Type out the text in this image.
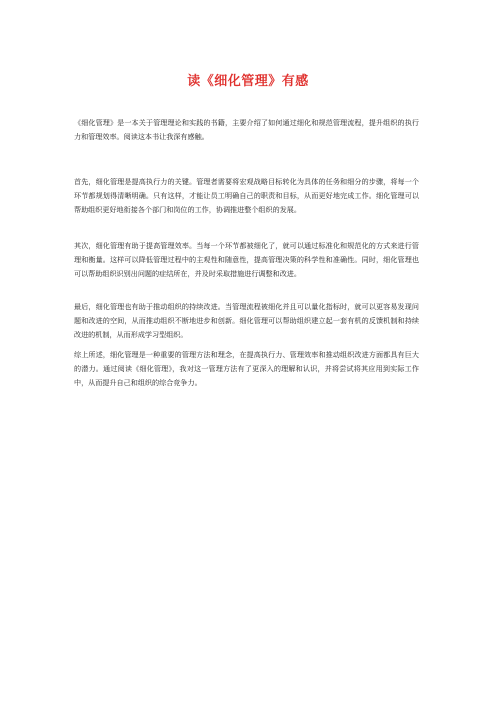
读《细化管理》有感

《细化管理》是一本关于管理理论和实践的书籍，主要介绍了如何通过细化和规范管理流程，提升组织的执行力和管理效率。阅读这本书让我深有感触。

首先，细化管理是提高执行力的关键。管理者需要将宏观战略目标转化为具体的任务和细分的步骤，将每一个环节都规划得清晰明确。只有这样，才能让员工明确自己的职责和目标，从而更好地完成工作。细化管理可以帮助组织更好地衔接各个部门和岗位的工作，协调推进整个组织的发展。

其次，细化管理有助于提高管理效率。当每一个环节都被细化了，就可以通过标准化和规范化的方式来进行管理和衡量。这样可以降低管理过程中的主观性和随意性，提高管理决策的科学性和准确性。同时，细化管理也可以帮助组织识别出问题的症结所在，并及时采取措施进行调整和改进。

最后，细化管理也有助于推动组织的持续改进。当管理流程被细化并且可以量化指标时，就可以更容易发现问题和改进的空间，从而推动组织不断地进步和创新。细化管理可以帮助组织建立起一套有机的反馈机制和持续改进的机制，从而形成学习型组织。

综上所述，细化管理是一种重要的管理方法和理念，在提高执行力、管理效率和推动组织改进方面都具有巨大的潜力。通过阅读《细化管理》，我对这一管理方法有了更深入的理解和认识，并将尝试将其应用到实际工作中，从而提升自己和组织的综合竞争力。
